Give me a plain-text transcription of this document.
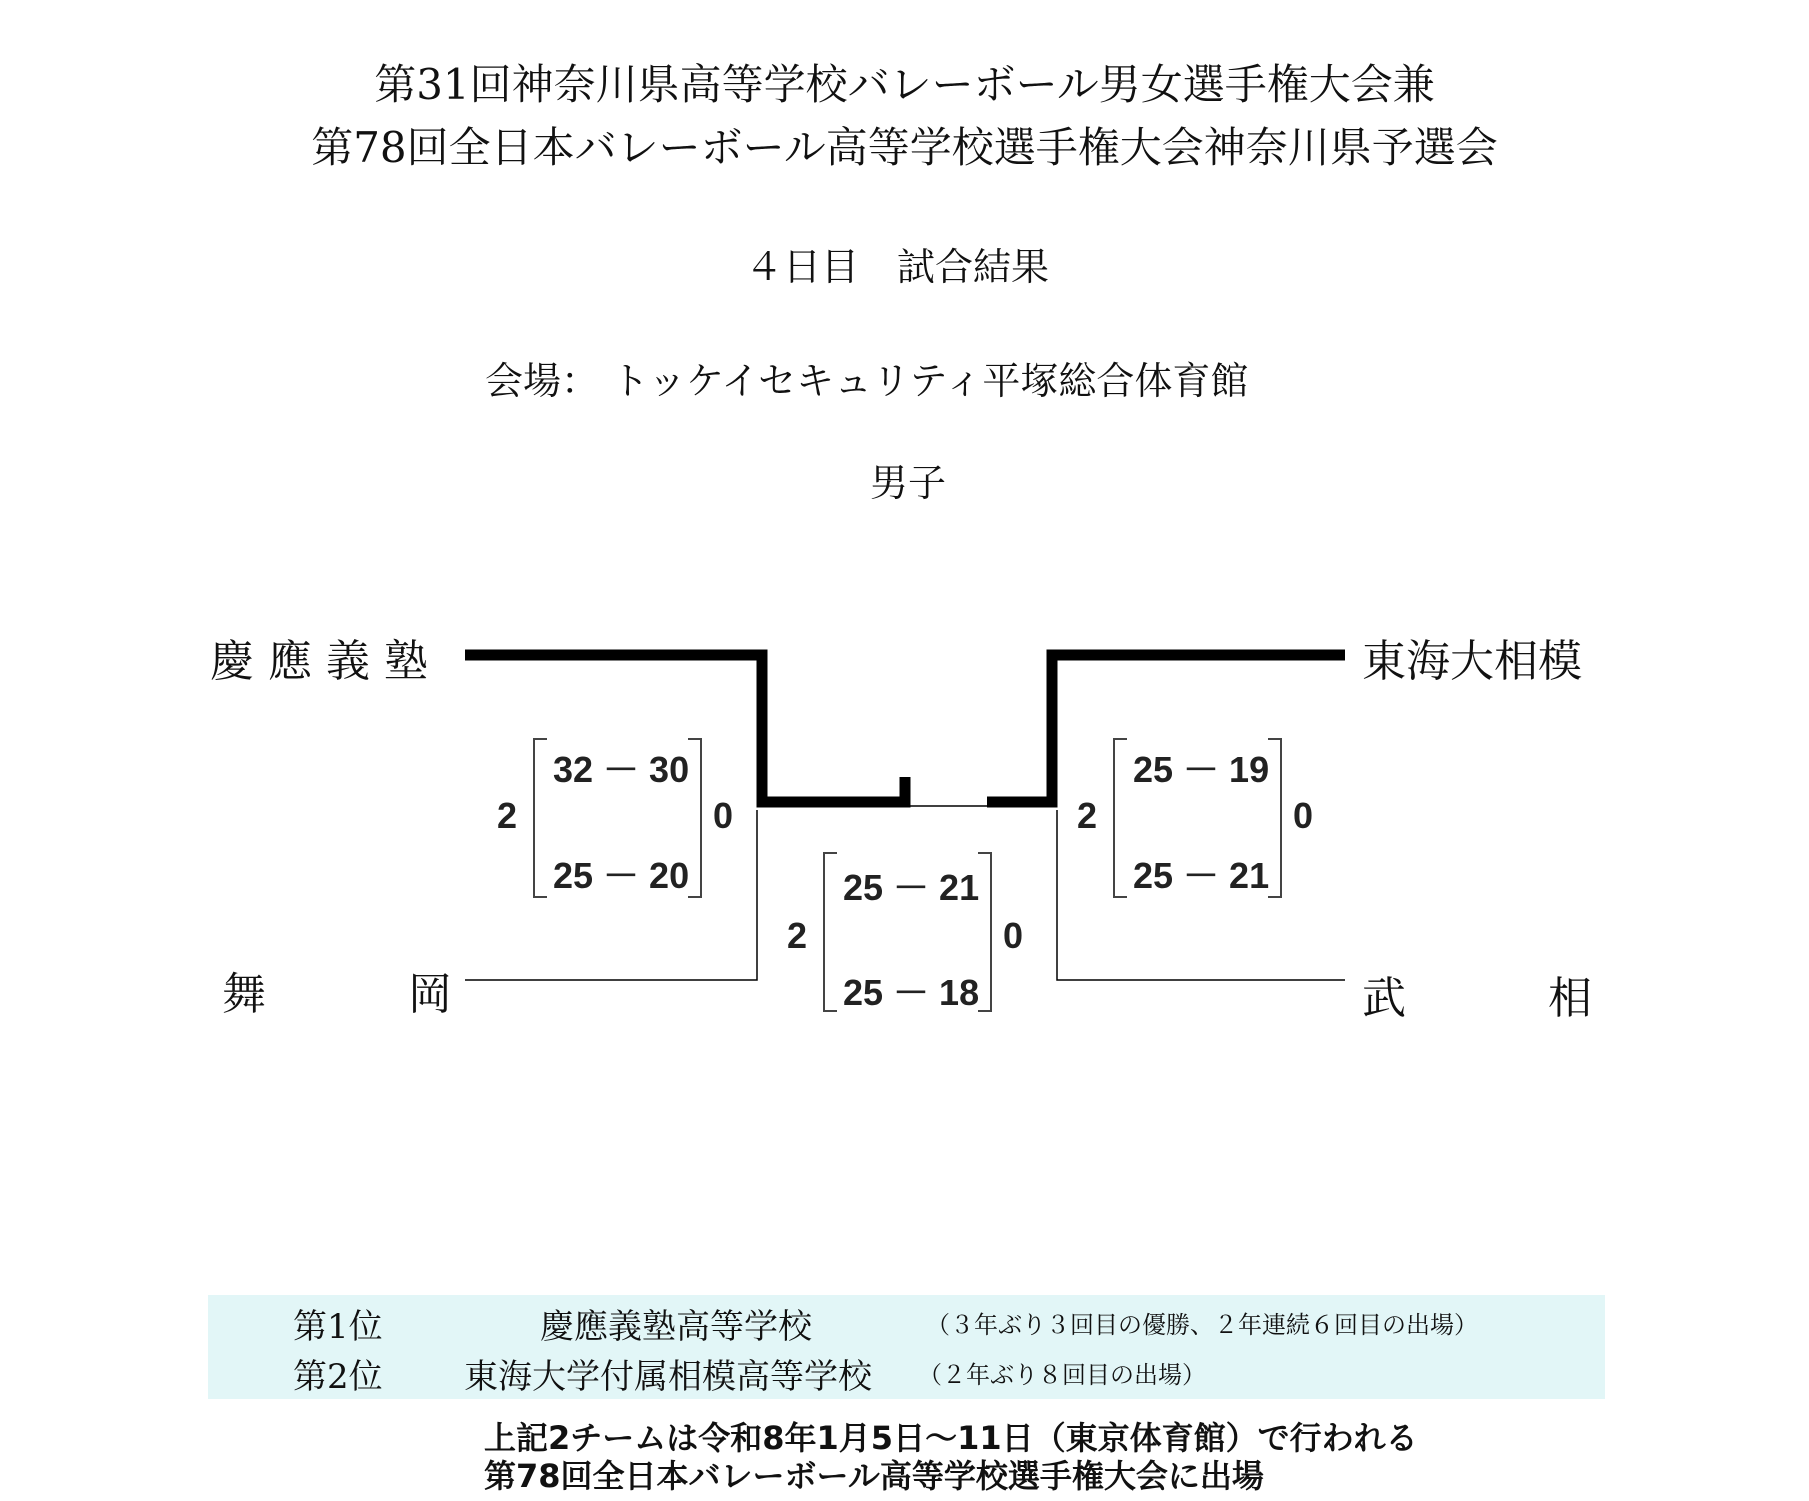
第31回神奈川県高等学校バレーボール男女選手権大会兼
第78回全日本バレーボール高等学校選手権大会神奈川県予選会
４日目　試合結果
会場： トッケイセキュリティ平塚総合体育館
男子
慶 應 義 塾
舞	岡
東海大相模
武	相
2	0
32 － 30
25 － 20
2	0
25 － 19
25 － 21
2	0
25 － 21
25 － 18
第1位	慶應義塾高等学校	（３年ぶり３回目の優勝、２年連続６回目の出場）
第2位 東海大学付属相模高等学校 （２年ぶり８回目の出場）
上記2チームは令和8年1月5日～11日（東京体育館）で行われる
第78回全日本バレーボール高等学校選手権大会に出場
